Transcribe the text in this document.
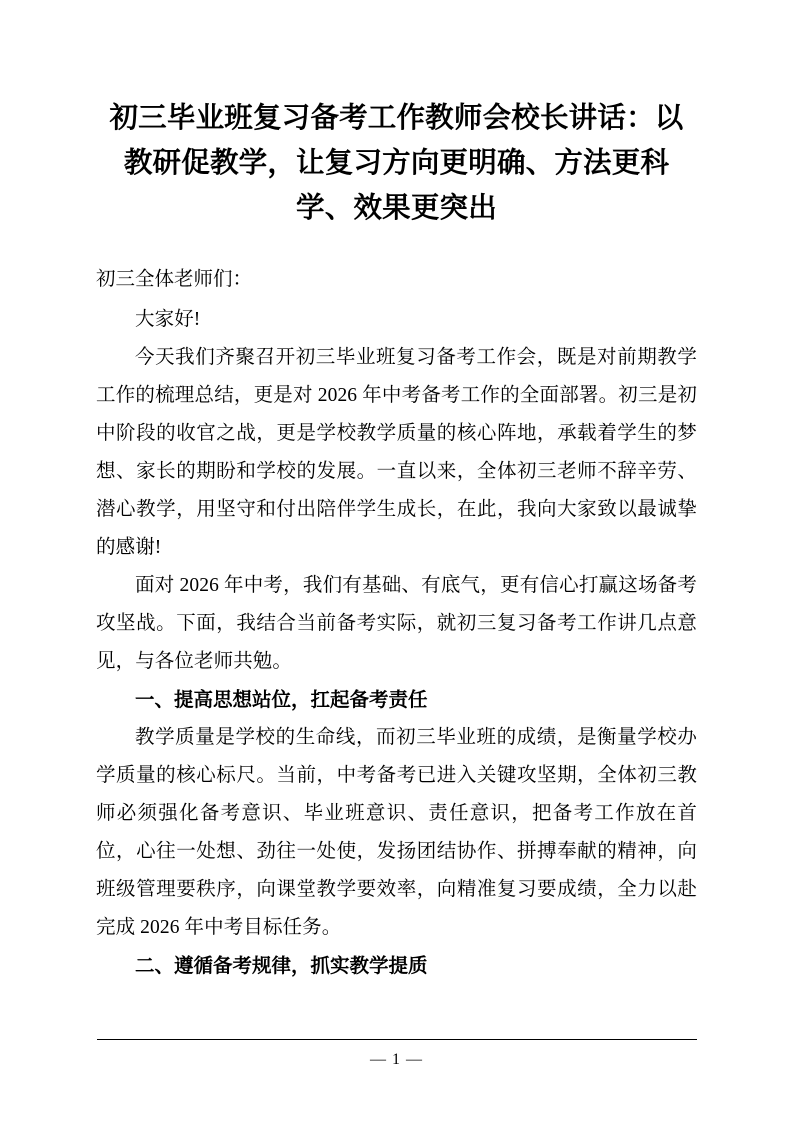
初三毕业班复习备考工作教师会校长讲话：以教研促教学，让复习方向更明确、方法更科学、效果更突出

初三全体老师们：

大家好!

今天我们齐聚召开初三毕业班复习备考工作会，既是对前期教学工作的梳理总结，更是对 2026 年中考备考工作的全面部署。初三是初中阶段的收官之战，更是学校教学质量的核心阵地，承载着学生的梦想、家长的期盼和学校的发展。一直以来，全体初三老师不辞辛劳、潜心教学，用坚守和付出陪伴学生成长，在此，我向大家致以最诚挚的感谢!

面对 2026 年中考，我们有基础、有底气，更有信心打赢这场备考攻坚战。下面，我结合当前备考实际，就初三复习备考工作讲几点意见，与各位老师共勉。

一、提高思想站位，扛起备考责任

教学质量是学校的生命线，而初三毕业班的成绩，是衡量学校办学质量的核心标尺。当前，中考备考已进入关键攻坚期，全体初三教师必须强化备考意识、毕业班意识、责任意识，把备考工作放在首位，心往一处想、劲往一处使，发扬团结协作、拼搏奉献的精神，向班级管理要秩序，向课堂教学要效率，向精准复习要成绩，全力以赴完成 2026 年中考目标任务。

二、遵循备考规律，抓实教学提质

— 1 —
